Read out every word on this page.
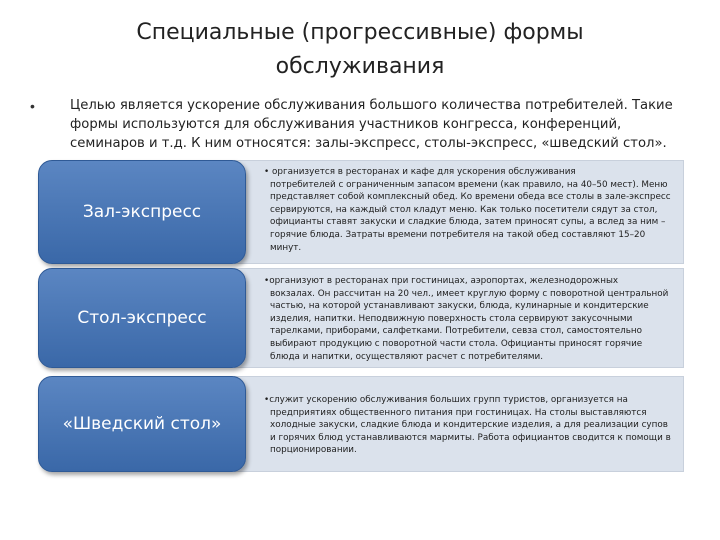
Специальные (прогрессивные) формы
обслуживания
•	Целью является ускорение обслуживания большого количества потребителей. Такие формы используются для обслуживания участников конгресса, конференций, семинаров и т.д. К ним относятся: залы-экспресс, столы-экспресс, «шведский стол».
Зал-экспресс
• организуется в ресторанах и кафе для ускорения обслуживания
потребителей с ограниченным запасом времени (как правило, на 40–50 мест). Меню представляет собой комплексный обед. Ко времени обеда все столы в зале-экспресс сервируются, на каждый стол кладут меню. Как только посетители сядут за стол, официанты ставят закуски и сладкие блюда, затем приносят супы, а вслед за ним – горячие блюда. Затраты времени потребителя на такой обед составляют 15–20 минут.
Стол-экспресс
•организуют в ресторанах при гостиницах, аэропортах, железнодорожных
вокзалах. Он рассчитан на 20 чел., имеет круглую форму с поворотной центральной частью, на которой устанавливают закуски, блюда, кулинарные и кондитерские изделия, напитки. Неподвижную поверхность стола сервируют закусочными тарелками, приборами, салфетками. Потребители, севза стол, самостоятельно выбирают продукцию с поворотной части стола. Официанты приносят горячие блюда и напитки, осуществляют расчет с потребителями.
«Шведский стол»
•служит ускорению обслуживания больших групп туристов, организуется на
предприятиях общественного питания при гостиницах. На столы выставляются холодные закуски, сладкие блюда и кондитерские изделия, а для реализации супов и горячих блюд устанавливаются мармиты. Работа официантов сводится к помощи в порционировании.
